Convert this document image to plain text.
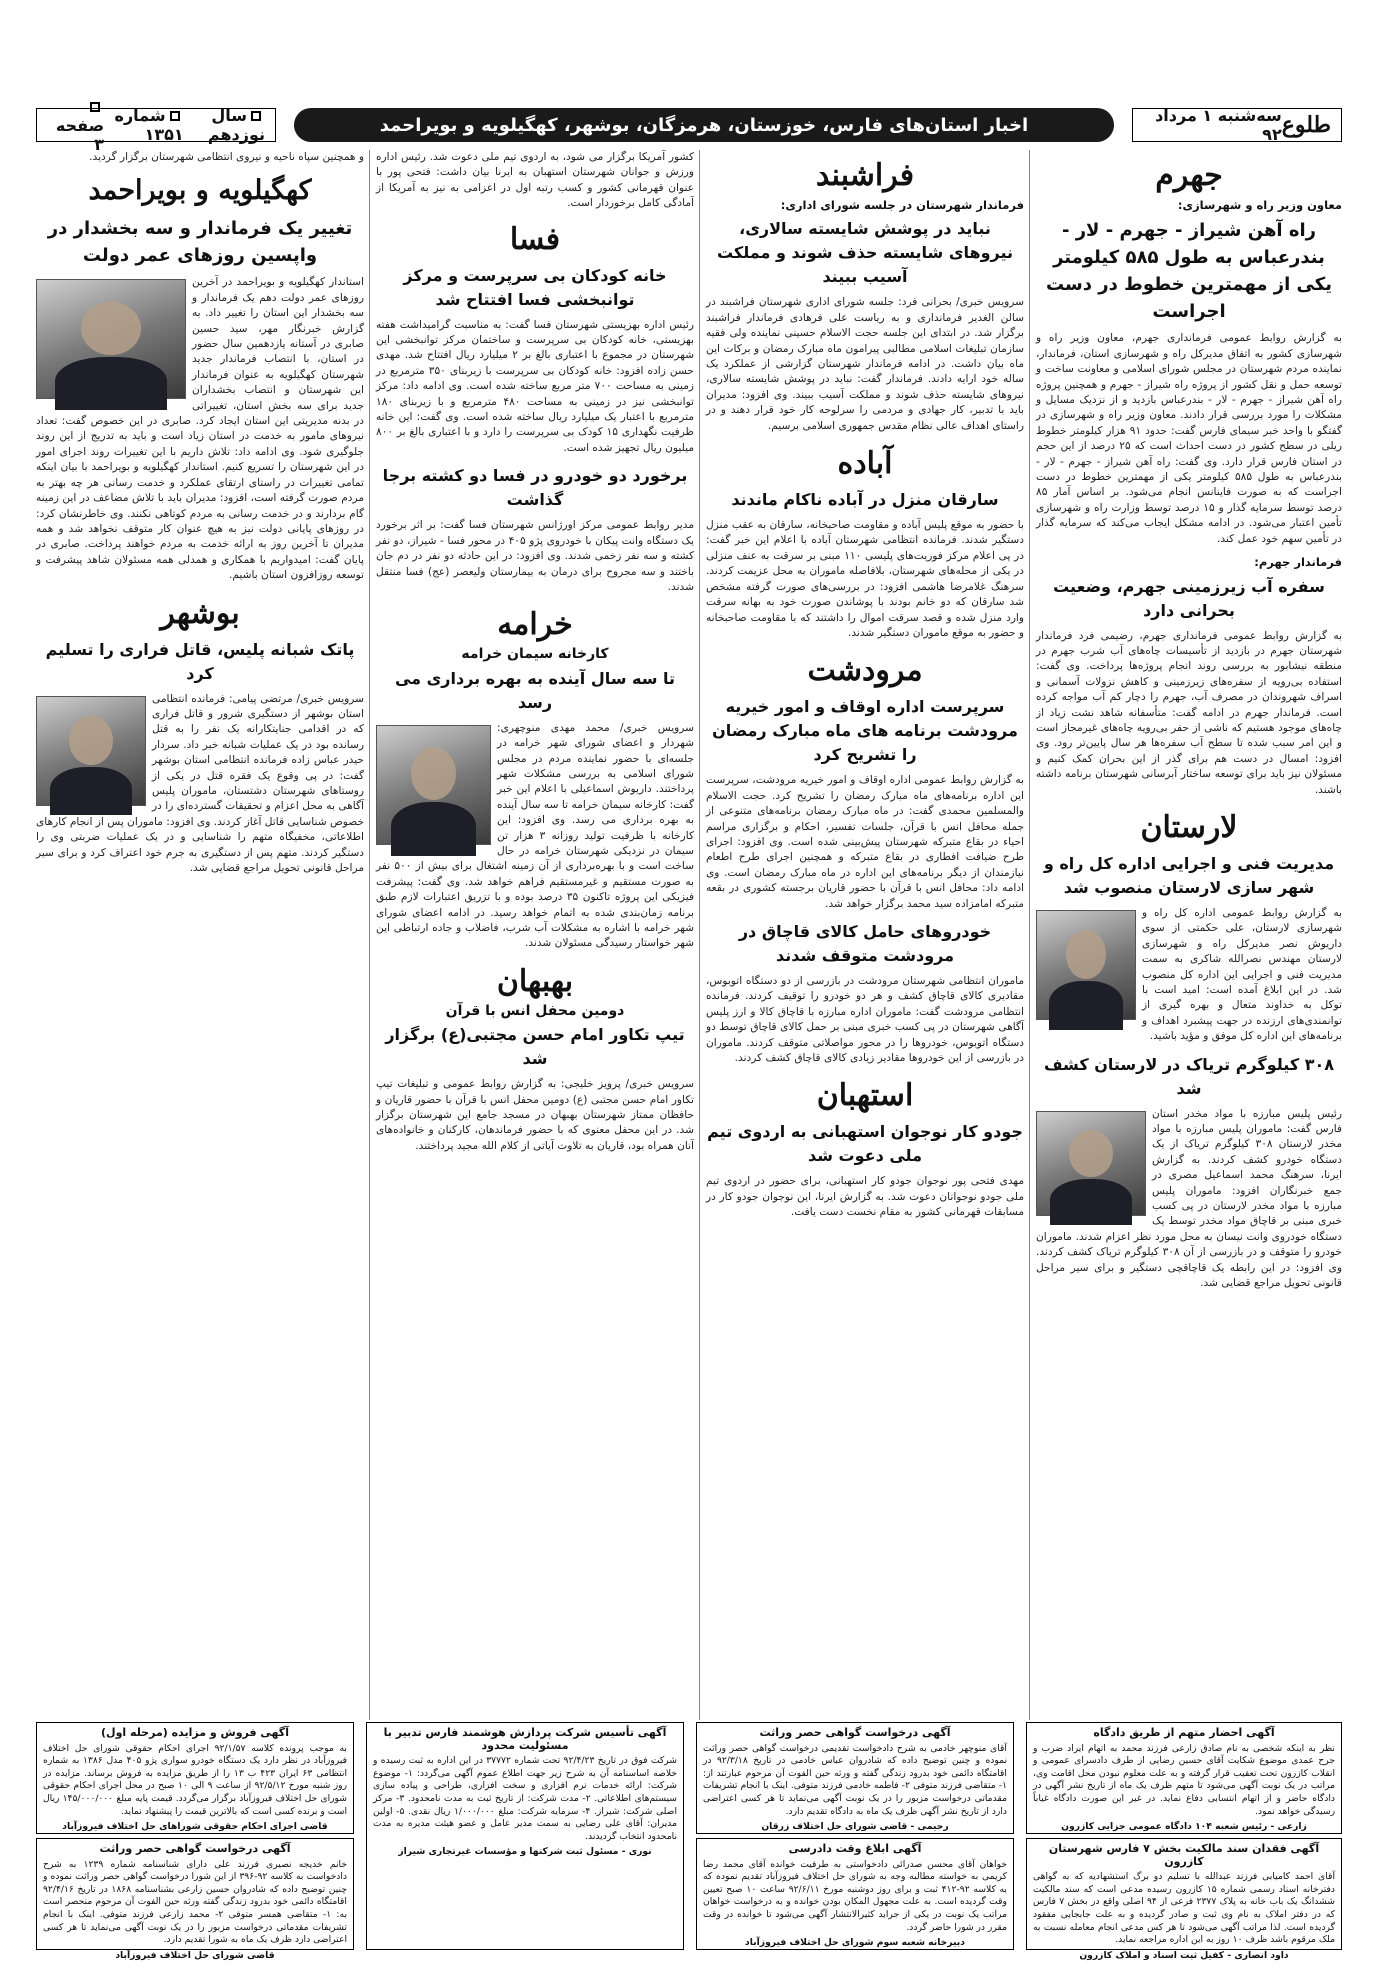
طلوع
سه‌شنبه ۱ مرداد ۹۲
اخبار استان‌های فارس، خوزستان، هرمزگان، بوشهر، کهگیلویه و بویراحمد
سال نوزدهم
شماره ۱۳۵۱
صفحه ۳
جهرم
معاون وزیر راه و شهرسازی:
راه آهن شیراز - جهرم - لار - بندرعباس به طول ۵۸۵ کیلومتر یکی از مهمترین خطوط در دست اجراست
به گزارش روابط عمومی فرمانداری جهرم، معاون وزیر راه و شهرسازی کشور به اتفاق مدیرکل راه و شهرسازی استان، فرماندار، نماینده مردم شهرستان در مجلس شورای اسلامی و معاونت ساخت و توسعه حمل و نقل کشور از پروژه راه شیراز - جهرم و همچنین پروژه راه آهن شیراز - جهرم - لار - بندرعباس بازدید و از نزدیک مسایل و مشکلات را مورد بررسی قرار دادند. معاون وزیر راه و شهرسازی در گفتگو با واحد خبر سیمای فارس گفت: حدود ۹۱ هزار کیلومتر خطوط ریلی در سطح کشور در دست احداث است که ۲۵ درصد از این حجم در استان فارس قرار دارد. وی گفت: راه آهن شیراز - جهرم - لار - بندرعباس به طول ۵۸۵ کیلومتر یکی از مهمترین خطوط در دست اجراست که به صورت فاینانس انجام می‌شود. بر اساس آمار ۸۵ درصد توسط سرمایه گذار و ۱۵ درصد توسط وزارت راه و شهرسازی تأمین اعتبار می‌شود. در ادامه مشکل ایجاب می‌کند که سرمایه گذار در تأمین سهم خود عمل کند.
فرماندار جهرم:
سفره آب زیرزمینی جهرم، وضعیت بحرانی دارد
به گزارش روابط عمومی فرمانداری جهرم، رضیمی فرد فرماندار شهرستان جهرم در بازدید از تأسیسات چاه‌های آب شرب جهرم در منطقه نیشابور به بررسی روند انجام پروژه‌ها پرداخت. وی گفت: استفاده بی‌رویه از سفره‌های زیرزمینی و کاهش نزولات آسمانی و اسراف شهروندان در مصرف آب، جهرم را دچار کم آب مواجه کرده است. فرماندار جهرم در ادامه گفت: متأسفانه شاهد نشت زیاد از چاه‌های موجود هستیم که ناشی از حفر بی‌رویه چاه‌های غیرمجاز است و این امر سبب شده تا سطح آب سفره‌ها هر سال پایین‌تر رود. وی افزود: امسال در دست هم برای گذر از این بحران کمک کنیم و مسئولان نیز باید برای توسعه ساختار آبرسانی شهرستان برنامه داشته باشند.
لارستان
مدیریت فنی و اجرایی اداره کل راه و شهر سازی لارستان منصوب شد
به گزارش روابط عمومی اداره کل راه و شهرسازی لارستان، علی حکمتی از سوی داریوش نصر مدیرکل راه و شهرسازی لارستان مهندس نصرالله شاکری به سمت مدیریت فنی و اجرایی این اداره کل منصوب شد. در این ابلاغ آمده است: امید است با توکل به خداوند متعال و بهره گیری از توانمندی‌های ارزنده در جهت پیشبرد اهداف و برنامه‌های این اداره کل موفق و مؤید باشید.
۳۰۸ کیلوگرم تریاک در لارستان کشف شد
رئیس پلیس مبارزه با مواد مخدر استان فارس گفت: ماموران پلیس مبارزه با مواد مخدر لارستان ۳۰۸ کیلوگرم تریاک از یک دستگاه خودرو کشف کردند. به گزارش ایرنا، سرهنگ محمد اسماعیل مصری در جمع خبرنگاران افزود: ماموران پلیس مبارزه با مواد مخدر لارستان در پی کسب خبری مبنی بر قاچاق مواد مخدر توسط یک دستگاه خودروی وانت نیسان به محل مورد نظر اعزام شدند. ماموران خودرو را متوقف و در بازرسی از آن ۳۰۸ کیلوگرم تریاک کشف کردند. وی افزود: در این رابطه یک قاچاقچی دستگیر و برای سیر مراحل قانونی تحویل مراجع قضایی شد.
فراشبند
فرماندار شهرستان در جلسه شورای اداری:
نباید در پوشش شایسته سالاری، نیروهای شایسته حذف شوند و مملکت آسیب ببیند
سرویس خبری/ بحرانی فرد: جلسه شورای اداری شهرستان فراشبند در سالن الغدیر فرمانداری و به ریاست علی فرهادی فرماندار فراشبند برگزار شد. در ابتدای این جلسه حجت الاسلام حسینی نماینده ولی فقیه سازمان تبلیغات اسلامی مطالبی پیرامون ماه مبارک رمضان و برکات این ماه بیان داشت. در ادامه فرماندار شهرستان گزارشی از عملکرد یک ساله خود ارایه دادند. فرماندار گفت: نباید در پوشش شایسته سالاری، نیروهای شایسته حذف شوند و مملکت آسیب ببیند. وی افزود: مدیران باید با تدبیر، کار جهادی و مردمی را سرلوحه کار خود قرار دهند و در راستای اهداف عالی نظام مقدس جمهوری اسلامی برسیم.
آباده
سارقان منزل در آباده ناکام ماندند
با حضور به موقع پلیس آباده و مقاومت صاحبخانه، سارقان به عقب منزل دستگیر شدند. فرمانده انتظامی شهرستان آباده با اعلام این خبر گفت: در پی اعلام مرکز فوریت‌های پلیسی ۱۱۰ مبنی بر سرقت به عنف منزلی در یکی از محله‌های شهرستان، بلافاصله ماموران به محل عزیمت کردند. سرهنگ غلامرضا هاشمی افزود: در بررسی‌های صورت گرفته مشخص شد سارقان که دو خانم بودند با پوشاندن صورت خود به بهانه سرقت وارد منزل شده و قصد سرقت اموال را داشتند که با مقاومت صاحبخانه و حضور به موقع ماموران دستگیر شدند.
مرودشت
سرپرست اداره اوقاف و امور خیریه مرودشت برنامه های ماه مبارک رمضان را تشریح کرد
به گزارش روابط عمومی اداره اوقاف و امور خیریه مرودشت، سرپرست این اداره برنامه‌های ماه مبارک رمضان را تشریح کرد. حجت الاسلام والمسلمین محمدی گفت: در ماه مبارک رمضان برنامه‌های متنوعی از جمله محافل انس با قرآن، جلسات تفسیر، احکام و برگزاری مراسم احیاء در بقاع متبرکه شهرستان پیش‌بینی شده است. وی افزود: اجرای طرح ضیافت افطاری در بقاع متبرکه و همچنین اجرای طرح اطعام نیازمندان از دیگر برنامه‌های این اداره در ماه مبارک رمضان است. وی ادامه داد: محافل انس با قرآن با حضور قاریان برجسته کشوری در بقعه متبرکه امامزاده سید محمد برگزار خواهد شد.
خودروهای حامل کالای قاچاق در مرودشت متوقف شدند
ماموران انتظامی شهرستان مرودشت در بازرسی از دو دستگاه اتوبوس، مقادیری کالای قاچاق کشف و هر دو خودرو را توقیف کردند. فرمانده انتظامی مرودشت گفت: ماموران اداره مبارزه با قاچاق کالا و ارز پلیس آگاهی شهرستان در پی کسب خبری مبنی بر حمل کالای قاچاق توسط دو دستگاه اتوبوس، خودروها را در محور مواصلاتی متوقف کردند. ماموران در بازرسی از این خودروها مقادیر زیادی کالای قاچاق کشف کردند.
استهبان
جودو کار نوجوان استهبانی به اردوی تیم ملی دعوت شد
مهدی فتحی پور نوجوان جودو کار استهبانی، برای حضور در اردوی تیم ملی جودو نوجوانان دعوت شد. به گزارش ایرنا، این نوجوان جودو کار در مسابقات قهرمانی کشور به مقام نخست دست یافت.
کشور آمریکا برگزار می شود، به اردوی تیم ملی دعوت شد. رئیس اداره ورزش و جوانان شهرستان استهبان به ایرنا بیان داشت: فتحی پور با عنوان قهرمانی کشور و کسب رتبه اول در اعزامی به نیز به آمریکا از آمادگی کامل برخوردار است.
فسا
خانه کودکان بی سرپرست و مرکز توانبخشی فسا افتتاح شد
رئیس اداره بهزیستی شهرستان فسا گفت: به مناسبت گرامیداشت هفته بهزیستی، خانه کودکان بی سرپرست و ساختمان مرکز توانبخشی این شهرستان در مجموع با اعتباری بالغ بر ۲ میلیارد ریال افتتاح شد. مهدی حسن زاده افزود: خانه کودکان بی سرپرست با زیربنای ۳۵۰ مترمربع در زمینی به مساحت ۷۰۰ متر مربع ساخته شده است. وی ادامه داد: مرکز توانبخشی نیز در زمینی به مساحت ۴۸۰ مترمربع و با زیربنای ۱۸۰ مترمربع با اعتبار یک میلیارد ریال ساخته شده است. وی گفت: این خانه ظرفیت نگهداری ۱۵ کودک بی سرپرست را دارد و با اعتباری بالغ بر ۸۰۰ میلیون ریال تجهیز شده است.
برخورد دو خودرو در فسا دو کشته برجا گذاشت
مدیر روابط عمومی مرکز اورژانس شهرستان فسا گفت: بر اثر برخورد یک دستگاه وانت پیکان با خودروی پژو ۴۰۵ در محور فسا - شیراز، دو نفر کشته و سه نفر زخمی شدند. وی افزود: در این حادثه دو نفر در دم جان باختند و سه مجروح برای درمان به بیمارستان ولیعصر (عج) فسا منتقل شدند.
خرامه
کارخانه سیمان خرامه
تا سه سال آینده به بهره برداری می رسد
سرویس خبری/ محمد مهدی منوچهری: شهردار و اعضای شورای شهر خرامه در جلسه‌ای با حضور نماینده مردم در مجلس شورای اسلامی به بررسی مشکلات شهر پرداختند. داریوش اسماعیلی با اعلام این خبر گفت: کارخانه سیمان خرامه تا سه سال آینده به بهره برداری می رسد. وی افزود: این کارخانه با ظرفیت تولید روزانه ۳ هزار تن سیمان در نزدیکی شهرستان خرامه در حال ساخت است و با بهره‌برداری از آن زمینه اشتغال برای بیش از ۵۰۰ نفر به صورت مستقیم و غیرمستقیم فراهم خواهد شد. وی گفت: پیشرفت فیزیکی این پروژه تاکنون ۳۵ درصد بوده و با تزریق اعتبارات لازم طبق برنامه زمان‌بندی شده به اتمام خواهد رسید. در ادامه اعضای شورای شهر خرامه با اشاره به مشکلات آب شرب، فاضلاب و جاده ارتباطی این شهر خواستار رسیدگی مسئولان شدند.
بهبهان
دومین محفل انس با قرآن
تیپ تکاور امام حسن مجتبی(ع) برگزار شد
سرویس خبری/ پرویز خلیجی: به گزارش روابط عمومی و تبلیغات تیپ تکاور امام حسن مجتبی (ع) دومین محفل انس با قرآن با حضور قاریان و حافظان ممتاز شهرستان بهبهان در مسجد جامع این شهرستان برگزار شد. در این محفل معنوی که با حضور فرماندهان، کارکنان و خانواده‌های آنان همراه بود، قاریان به تلاوت آیاتی از کلام الله مجید پرداختند.
و همچنین سپاه ناحیه و نیروی انتظامی شهرستان برگزار گردید.
کهگیلویه و بویراحمد
تغییر یک فرماندار و سه بخشدار در واپسین روزهای عمر دولت
استاندار کهگیلویه و بویراحمد در آخرین روزهای عمر دولت دهم یک فرماندار و سه بخشدار این استان را تغییر داد. به گزارش خبرنگار مهر، سید حسین صابری در آستانه یازدهمین سال حضور در استان، با انتصاب فرماندار جدید شهرستان کهگیلویه به عنوان فرماندار این شهرستان و انتصاب بخشداران جدید برای سه بخش استان، تغییراتی در بدنه مدیریتی این استان ایجاد کرد. صابری در این خصوص گفت: تعداد نیروهای مامور به خدمت در استان زیاد است و باید به تدریج از این روند جلوگیری شود. وی ادامه داد: تلاش داریم با این تغییرات روند اجرای امور در این شهرستان را تسریع کنیم. استاندار کهگیلویه و بویراحمد با بیان اینکه تمامی تغییرات در راستای ارتقای عملکرد و خدمت رسانی هر چه بهتر به مردم صورت گرفته است، افزود: مدیران باید با تلاش مضاعف در این زمینه گام بردارند و در خدمت رسانی به مردم کوتاهی نکنند. وی خاطرنشان کرد: در روزهای پایانی دولت نیز به هیچ عنوان کار متوقف نخواهد شد و همه مدیران تا آخرین روز به ارائه خدمت به مردم خواهند پرداخت. صابری در پایان گفت: امیدواریم با همکاری و همدلی همه مسئولان شاهد پیشرفت و توسعه روزافزون استان باشیم.
بوشهر
پاتک شبانه پلیس، قاتل فراری را تسلیم کرد
سرویس خبری/ مرتضی پیامی: فرمانده انتظامی استان بوشهر از دستگیری شرور و قاتل فراری که در اقدامی جنایتکارانه یک نفر را به قتل رسانده بود در یک عملیات شبانه خبر داد. سردار حیدر عباس زاده فرمانده انتظامی استان بوشهر گفت: در پی وقوع یک فقره قتل در یکی از روستاهای شهرستان دشتستان، ماموران پلیس آگاهی به محل اعزام و تحقیقات گسترده‌ای را در خصوص شناسایی قاتل آغاز کردند. وی افزود: ماموران پس از انجام کارهای اطلاعاتی، مخفیگاه متهم را شناسایی و در یک عملیات ضربتی وی را دستگیر کردند. متهم پس از دستگیری به جرم خود اعتراف کرد و برای سیر مراحل قانونی تحویل مراجع قضایی شد.
آگهی فروش و مزایده (مرحله اول)
به موجب پرونده کلاسه ۹۲/۱/۵۷ اجرای احکام حقوقی شورای حل اختلاف فیروزآباد در نظر دارد یک دستگاه خودرو سواری پژو ۴۰۵ مدل ۱۳۸۶ به شماره انتظامی ۶۳ ایران ۴۲۳ ب ۱۳ را از طریق مزایده به فروش برساند. مزایده در روز شنبه مورخ ۹۲/۵/۱۲ از ساعت ۹ الی ۱۰ صبح در محل اجرای احکام حقوقی شورای حل اختلاف فیروزآباد برگزار می‌گردد. قیمت پایه مبلغ ۱۴۵/۰۰۰/۰۰۰ ریال است و برنده کسی است که بالاترین قیمت را پیشنهاد نماید.
قاضی اجرای احکام حقوقی شوراهای حل اختلاف فیروزآباد
آگهی درخواست گواهی حصر وراثت
خانم خدیجه نصیری فرزند علی دارای شناسنامه شماره ۱۲۳۹ به شرح دادخواست به کلاسه ۹۲-۳۹۶ از این شورا درخواست گواهی حصر وراثت نموده و چنین توضیح داده که شادروان حسین زارعی بشناسنامه ۱۸۶۸ در تاریخ ۹۲/۴/۱۶ اقامتگاه دائمی خود بدرود زندگی گفته ورثه حین الفوت آن مرحوم منحصر است به: ۱- متقاضی همسر متوفی ۲- محمد زارعی فرزند متوفی. اینک با انجام تشریفات مقدماتی درخواست مزبور را در یک نوبت آگهی می‌نماید تا هر کسی اعتراضی دارد ظرف یک ماه به شورا تقدیم دارد.
قاضی شورای حل اختلاف فیروزآباد
آگهی تأسیس شرکت پردازش هوشمند فارس تدبیر با مسئولیت محدود
شرکت فوق در تاریخ ۹۲/۴/۲۳ تحت شماره ۳۷۷۷۲ در این اداره به ثبت رسیده و خلاصه اساسنامه آن به شرح زیر جهت اطلاع عموم آگهی می‌گردد: ۱- موضوع شرکت: ارائه خدمات نرم افزاری و سخت افزاری، طراحی و پیاده سازی سیستم‌های اطلاعاتی. ۲- مدت شرکت: از تاریخ ثبت به مدت نامحدود. ۳- مرکز اصلی شرکت: شیراز. ۴- سرمایه شرکت: مبلغ ۱/۰۰۰/۰۰۰ ریال نقدی. ۵- اولین مدیران: آقای علی رضایی به سمت مدیر عامل و عضو هیئت مدیره به مدت نامحدود انتخاب گردیدند.
نوری - مسئول ثبت شرکتها و مؤسسات غیرتجاری شیراز
آگهی درخواست گواهی حصر وراثت
آقای منوچهر خادمی به شرح دادخواست تقدیمی درخواست گواهی حصر وراثت نموده و چنین توضیح داده که شادروان عباس خادمی در تاریخ ۹۲/۳/۱۸ در اقامتگاه دائمی خود بدرود زندگی گفته و ورثه حین الفوت آن مرحوم عبارتند از: ۱- متقاضی فرزند متوفی ۲- فاطمه خادمی فرزند متوفی. اینک با انجام تشریفات مقدماتی درخواست مزبور را در یک نوبت آگهی می‌نماید تا هر کسی اعتراضی دارد از تاریخ نشر آگهی ظرف یک ماه به دادگاه تقدیم دارد.
رحیمی - قاضی شورای حل اختلاف زرقان
آگهی ابلاغ وقت دادرسی
خواهان آقای محسن صدرائی دادخواستی به طرفیت خوانده آقای محمد رضا کریمی به خواسته مطالبه وجه به شورای حل اختلاف فیروزآباد تقدیم نموده که به کلاسه ۹۲-۴۱۲ ثبت و برای روز دوشنبه مورخ ۹۲/۶/۱۱ ساعت ۱۰ صبح تعیین وقت گردیده است. به علت مجهول المکان بودن خوانده و به درخواست خواهان مراتب یک نوبت در یکی از جراید کثیرالانتشار آگهی می‌شود تا خوانده در وقت مقرر در شورا حاضر گردد.
دبیرخانه شعبه سوم شورای حل اختلاف فیروزآباد
آگهی احضار متهم از طریق دادگاه
نظر به اینکه شخصی به نام صادق زارعی فرزند محمد به اتهام ایراد ضرب و جرح عمدی موضوع شکایت آقای حسین رضایی از طرف دادسرای عمومی و انقلاب کازرون تحت تعقیب قرار گرفته و به علت معلوم نبودن محل اقامت وی، مراتب در یک نوبت آگهی می‌شود تا متهم ظرف یک ماه از تاریخ نشر آگهی در دادگاه حاضر و از اتهام انتسابی دفاع نماید. در غیر این صورت دادگاه غیاباً رسیدگی خواهد نمود.
زارعی - رئیس شعبه ۱۰۴ دادگاه عمومی جزایی کازرون
آگهی فقدان سند مالکیت بخش ۷ فارس شهرستان کازرون
آقای احمد کامیابی فرزند عبدالله با تسلیم دو برگ استشهادیه که به گواهی دفترخانه اسناد رسمی شماره ۱۵ کازرون رسیده مدعی است که سند مالکیت ششدانگ یک باب خانه به پلاک ۲۳۷۷ فرعی از ۹۴ اصلی واقع در بخش ۷ فارس که در دفتر املاک به نام وی ثبت و صادر گردیده و به علت جابجایی مفقود گردیده است. لذا مراتب آگهی می‌شود تا هر کس مدعی انجام معامله نسبت به ملک مرقوم باشد ظرف ۱۰ روز به این اداره مراجعه نماید.
داود انصاری - کفیل ثبت اسناد و املاک کازرون
